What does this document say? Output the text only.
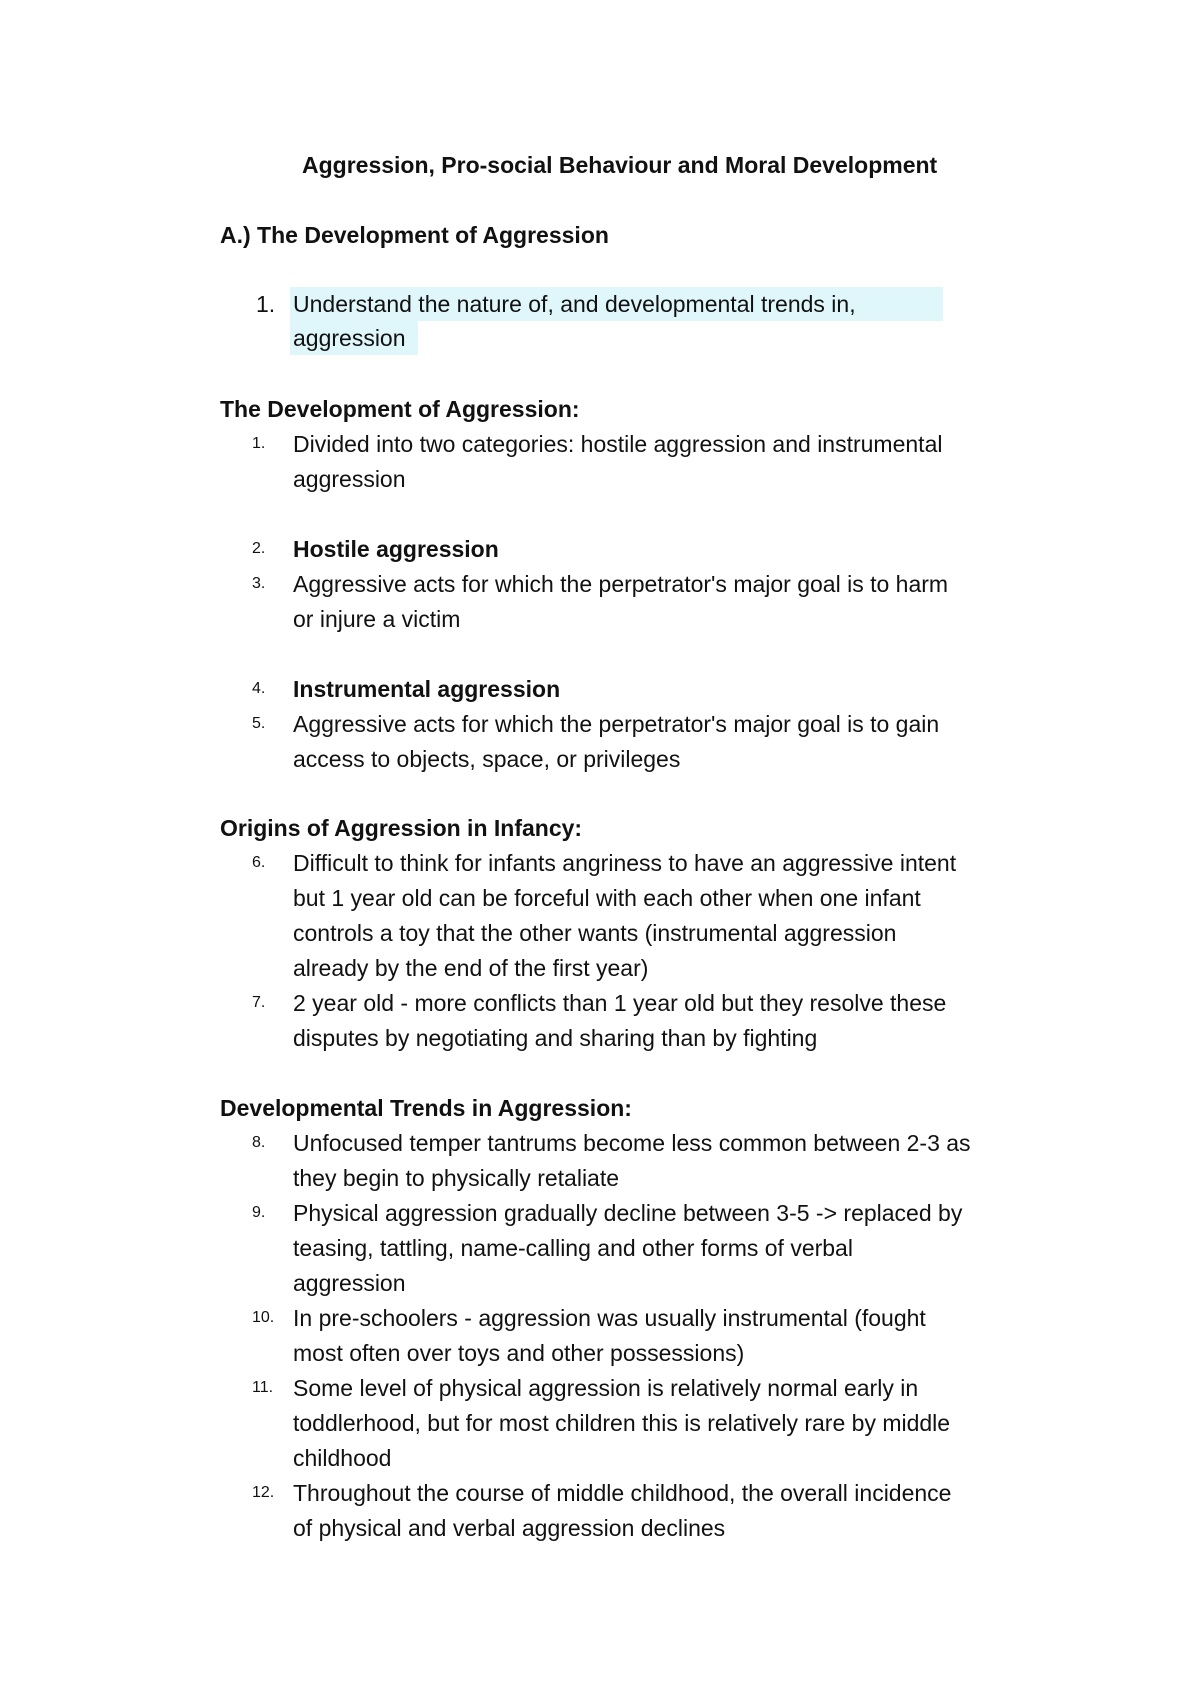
Aggression, Pro-social Behaviour and Moral Development
A.) The Development of Aggression
1. Understand the nature of, and developmental trends in,
aggression
The Development of Aggression:
1. Divided into two categories: hostile aggression and instrumental
aggression
2. Hostile aggression
3. Aggressive acts for which the perpetrator's major goal is to harm
or injure a victim
4. Instrumental aggression
5. Aggressive acts for which the perpetrator's major goal is to gain
access to objects, space, or privileges
Origins of Aggression in Infancy:
6. Difficult to think for infants angriness to have an aggressive intent
but 1 year old can be forceful with each other when one infant
controls a toy that the other wants (instrumental aggression
already by the end of the first year)
7. 2 year old - more conflicts than 1 year old but they resolve these
disputes by negotiating and sharing than by fighting
Developmental Trends in Aggression:
8. Unfocused temper tantrums become less common between 2-3 as
they begin to physically retaliate
9. Physical aggression gradually decline between 3-5 -> replaced by
teasing, tattling, name-calling and other forms of verbal
aggression
10. In pre-schoolers - aggression was usually instrumental (fought
most often over toys and other possessions)
11. Some level of physical aggression is relatively normal early in
toddlerhood, but for most children this is relatively rare by middle
childhood
12. Throughout the course of middle childhood, the overall incidence
of physical and verbal aggression declines
